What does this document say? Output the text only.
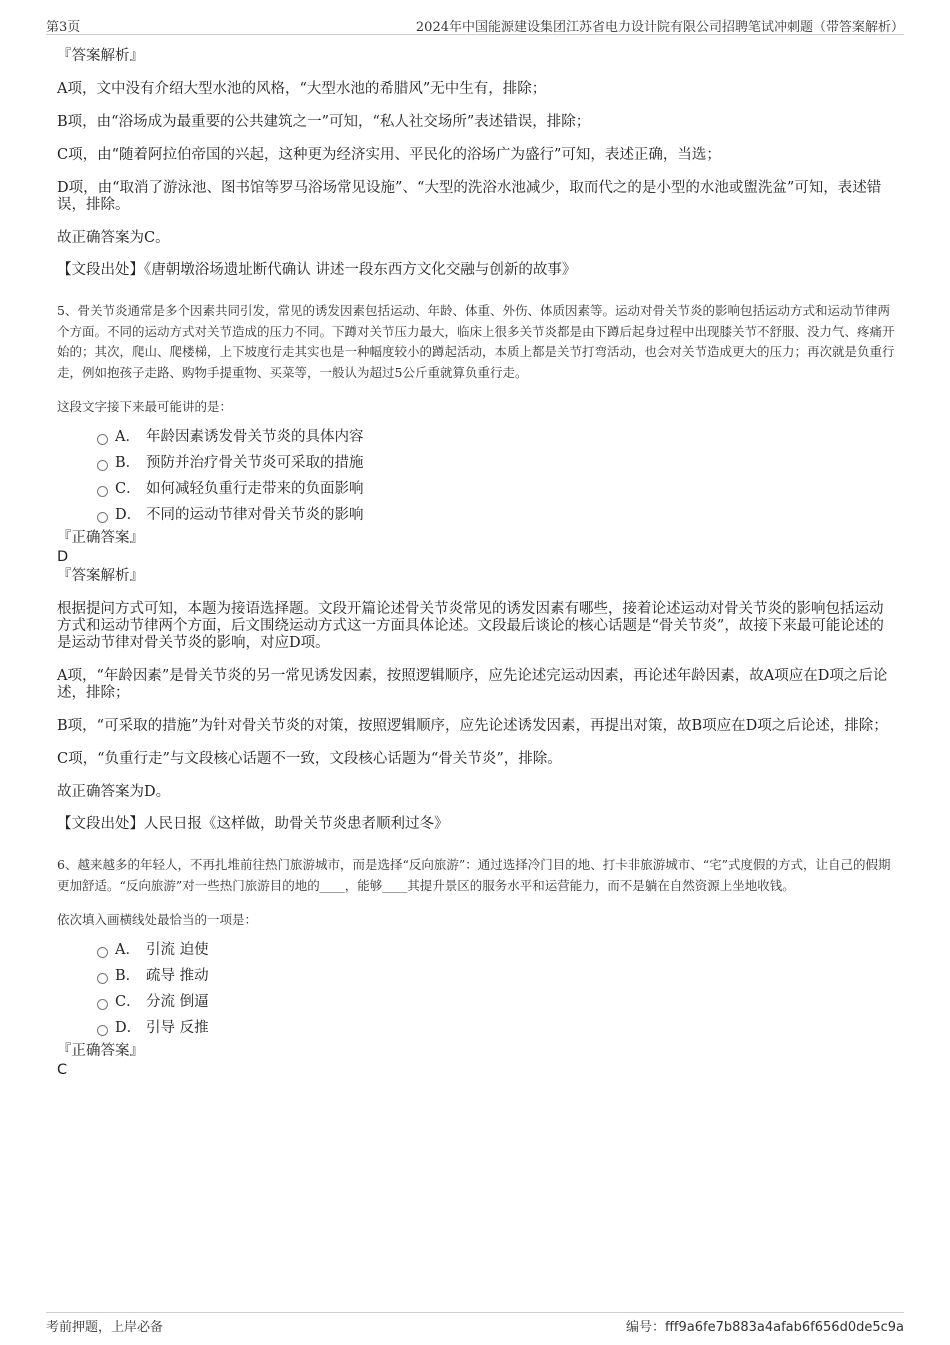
第3页	2024年中国能源建设集团江苏省电力设计院有限公司招聘笔试冲刺题（带答案解析）

『答案解析』

A项，文中没有介绍大型水池的风格，“大型水池的希腊风”无中生有，排除；

B项，由“浴场成为最重要的公共建筑之一”可知，“私人社交场所”表述错误，排除；

C项，由“随着阿拉伯帝国的兴起，这种更为经济实用、平民化的浴场广为盛行”可知，表述正确，当选；

D项，由“取消了游泳池、图书馆等罗马浴场常见设施”、“大型的洗浴水池减少，取而代之的是小型的水池或盥洗盆”可知，表述错误，排除。

故正确答案为C。

【文段出处】《唐朝墩浴场遗址断代确认 讲述一段东西方文化交融与创新的故事》

5、骨关节炎通常是多个因素共同引发，常见的诱发因素包括运动、年龄、体重、外伤、体质因素等。运动对骨关节炎的影响包括运动方式和运动节律两个方面。不同的运动方式对关节造成的压力不同。下蹲对关节压力最大，临床上很多关节炎都是由下蹲后起身过程中出现膝关节不舒服、没力气、疼痛开始的；其次，爬山、爬楼梯，上下坡度行走其实也是一种幅度较小的蹲起活动，本质上都是关节打弯活动，也会对关节造成更大的压力；再次就是负重行走，例如抱孩子走路、购物手提重物、买菜等，一般认为超过5公斤重就算负重行走。

这段文字接下来最可能讲的是：

A． 年龄因素诱发骨关节炎的具体内容
B． 预防并治疗骨关节炎可采取的措施
C． 如何减轻负重行走带来的负面影响
D． 不同的运动节律对骨关节炎的影响

『正确答案』

D

『答案解析』

根据提问方式可知，本题为接语选择题。文段开篇论述骨关节炎常见的诱发因素有哪些，接着论述运动对骨关节炎的影响包括运动方式和运动节律两个方面，后文围绕运动方式这一方面具体论述。文段最后谈论的核心话题是“骨关节炎”，故接下来最可能论述的是运动节律对骨关节炎的影响，对应D项。

A项，“年龄因素”是骨关节炎的另一常见诱发因素，按照逻辑顺序，应先论述完运动因素，再论述年龄因素，故A项应在D项之后论述，排除；

B项，“可采取的措施”为针对骨关节炎的对策，按照逻辑顺序，应先论述诱发因素，再提出对策，故B项应在D项之后论述，排除；

C项，“负重行走”与文段核心话题不一致，文段核心话题为“骨关节炎”，排除。

故正确答案为D。

【文段出处】人民日报《这样做，助骨关节炎患者顺利过冬》

6、越来越多的年轻人，不再扎堆前往热门旅游城市，而是选择“反向旅游”：通过选择冷门目的地、打卡非旅游城市、“宅”式度假的方式，让自己的假期更加舒适。“反向旅游”对一些热门旅游目的地的____，能够____其提升景区的服务水平和运营能力，而不是躺在自然资源上坐地收钱。

依次填入画横线处最恰当的一项是：

A． 引流 迫使
B． 疏导 推动
C． 分流 倒逼
D． 引导 反推

『正确答案』

C

考前押题，上岸必备	编号：fff9a6fe7b883a4afab6f656d0de5c9a
